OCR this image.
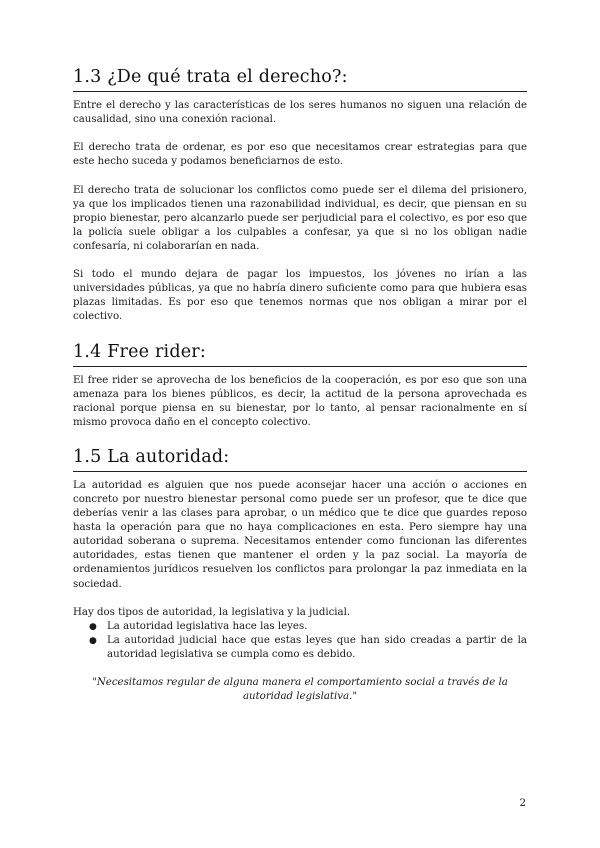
1.3 ¿De qué trata el derecho?:

Entre el derecho y las características de los seres humanos no siguen una relación de causalidad, sino una conexión racional.

El derecho trata de ordenar, es por eso que necesitamos crear estrategias para que este hecho suceda y podamos beneficiarnos de esto.

El derecho trata de solucionar los conflictos como puede ser el dilema del prisionero, ya que los implicados tienen una razonabilidad individual, es decir, que piensan en su propio bienestar, pero alcanzarlo puede ser perjudicial para el colectivo, es por eso que la policía suele obligar a los culpables a confesar, ya que si no los obligan nadie confesaría, ni colaborarían en nada.

Si todo el mundo dejara de pagar los impuestos, los jóvenes no irían a las universidades públicas, ya que no habría dinero suficiente como para que hubiera esas plazas limitadas. Es por eso que tenemos normas que nos obligan a mirar por el colectivo.

1.4 Free rider:

El free rider se aprovecha de los beneficios de la cooperación, es por eso que son una amenaza para los bienes públicos, es decir, la actitud de la persona aprovechada es racional porque piensa en su bienestar, por lo tanto, al pensar racionalmente en sí mismo provoca daño en el concepto colectivo.

1.5 La autoridad:

La autoridad es alguien que nos puede aconsejar hacer una acción o acciones en concreto por nuestro bienestar personal como puede ser un profesor, que te dice que deberías venir a las clases para aprobar, o un médico que te dice que guardes reposo hasta la operación para que no haya complicaciones en esta. Pero siempre hay una autoridad soberana o suprema. Necesitamos entender como funcionan las diferentes autoridades, estas tienen que mantener el orden y la paz social. La mayoría de ordenamientos jurídicos resuelven los conflictos para prolongar la paz inmediata en la sociedad.

Hay dos tipos de autoridad, la legislativa y la judicial.

● La autoridad legislativa hace las leyes.
● La autoridad judicial hace que estas leyes que han sido creadas a partir de la autoridad legislativa se cumpla como es debido.

"Necesitamos regular de alguna manera el comportamiento social a través de la autoridad legislativa."

2
